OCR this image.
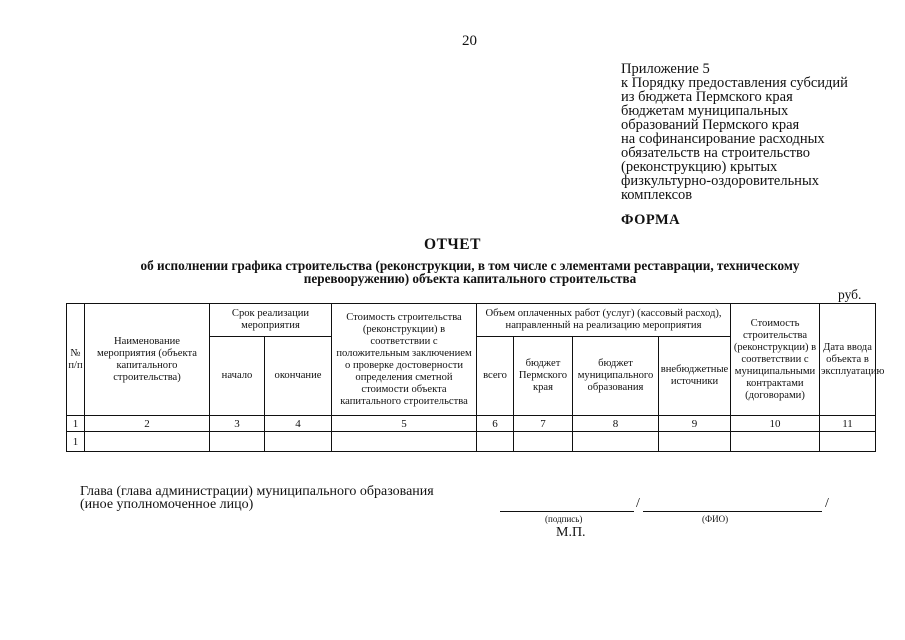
20
Приложение 5
к Порядку предоставления субсидий
из бюджета Пермского края
бюджетам муниципальных
образований Пермского края
на софинансирование расходных
обязательств на строительство
(реконструкцию) крытых
физкультурно-оздоровительных
комплексов
ФОРМА
ОТЧЕТ
об исполнении графика строительства (реконструкции, в том числе с элементами реставрации, техническому
перевооружению) объекта капитального строительства
руб.
№ п/п	Наименование мероприятия (объекта капитального строительства)	Срок реализации мероприятия		Стоимость строительства (реконструкции) в соответствии с положительным заключением о проверке достоверности определения сметной стоимости объекта капитального строительства	Объем оплаченных работ (услуг) (кассовый расход), направленный на реализацию мероприятия				Стоимость строительства (реконструкции) в соответствии с муниципальными контрактами (договорами)	Дата ввода объекта в эксплуатацию
		начало	окончание		всего	бюджет Пермского края	бюджет муниципального образования	внебюджетные источники		
1	2	3	4	5	6	7	8	9	10	11
1										
Глава (глава администрации) муниципального образования
(иное уполномоченное лицо)	/	/
(подпись)	(ФИО)
М.П.
